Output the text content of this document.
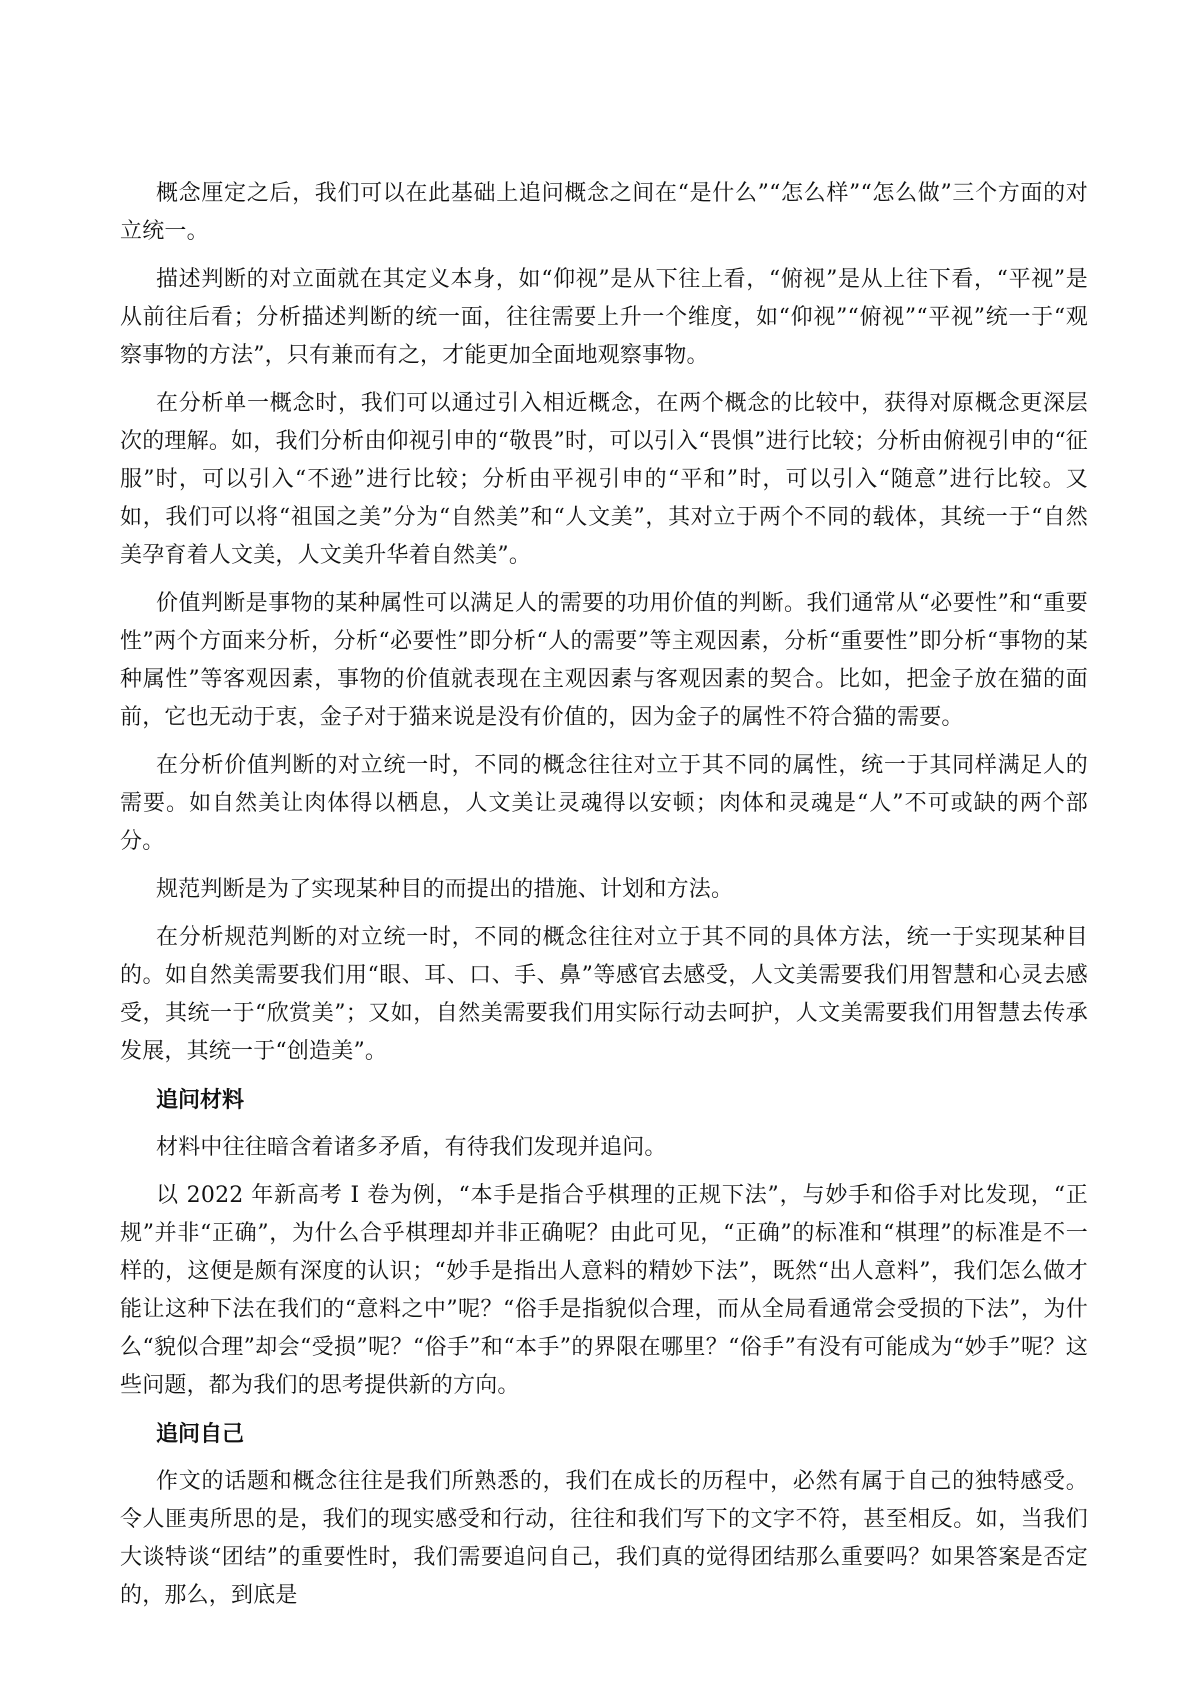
概念厘定之后，我们可以在此基础上追问概念之间在“是什么”“怎么样”“怎么做”三个方面的对立统一。

描述判断的对立面就在其定义本身，如“仰视”是从下往上看，“俯视”是从上往下看，“平视”是从前往后看；分析描述判断的统一面，往往需要上升一个维度，如“仰视”“俯视”“平视”统一于“观察事物的方法”，只有兼而有之，才能更加全面地观察事物。

在分析单一概念时，我们可以通过引入相近概念，在两个概念的比较中，获得对原概念更深层次的理解。如，我们分析由仰视引申的“敬畏”时，可以引入“畏惧”进行比较；分析由俯视引申的“征服”时，可以引入“不逊”进行比较；分析由平视引申的“平和”时，可以引入“随意”进行比较。又如，我们可以将“祖国之美”分为“自然美”和“人文美”，其对立于两个不同的载体，其统一于“自然美孕育着人文美，人文美升华着自然美”。

价值判断是事物的某种属性可以满足人的需要的功用价值的判断。我们通常从“必要性”和“重要性”两个方面来分析，分析“必要性”即分析“人的需要”等主观因素，分析“重要性”即分析“事物的某种属性”等客观因素，事物的价值就表现在主观因素与客观因素的契合。比如，把金子放在猫的面前，它也无动于衷，金子对于猫来说是没有价值的，因为金子的属性不符合猫的需要。

在分析价值判断的对立统一时，不同的概念往往对立于其不同的属性，统一于其同样满足人的需要。如自然美让肉体得以栖息，人文美让灵魂得以安顿；肉体和灵魂是“人”不可或缺的两个部分。

规范判断是为了实现某种目的而提出的措施、计划和方法。

在分析规范判断的对立统一时，不同的概念往往对立于其不同的具体方法，统一于实现某种目的。如自然美需要我们用“眼、耳、口、手、鼻”等感官去感受，人文美需要我们用智慧和心灵去感受，其统一于“欣赏美”；又如，自然美需要我们用实际行动去呵护，人文美需要我们用智慧去传承发展，其统一于“创造美”。

追问材料

材料中往往暗含着诸多矛盾，有待我们发现并追问。

以 2022 年新高考 I 卷为例，“本手是指合乎棋理的正规下法”，与妙手和俗手对比发现，“正规”并非“正确”，为什么合乎棋理却并非正确呢？由此可见，“正确”的标准和“棋理”的标准是不一样的，这便是颇有深度的认识；“妙手是指出人意料的精妙下法”，既然“出人意料”，我们怎么做才能让这种下法在我们的“意料之中”呢？“俗手是指貌似合理，而从全局看通常会受损的下法”，为什么“貌似合理”却会“受损”呢？“俗手”和“本手”的界限在哪里？“俗手”有没有可能成为“妙手”呢？这些问题，都为我们的思考提供新的方向。

追问自己

作文的话题和概念往往是我们所熟悉的，我们在成长的历程中，必然有属于自己的独特感受。令人匪夷所思的是，我们的现实感受和行动，往往和我们写下的文字不符，甚至相反。如，当我们大谈特谈“团结”的重要性时，我们需要追问自己，我们真的觉得团结那么重要吗？如果答案是否定的，那么，到底是
